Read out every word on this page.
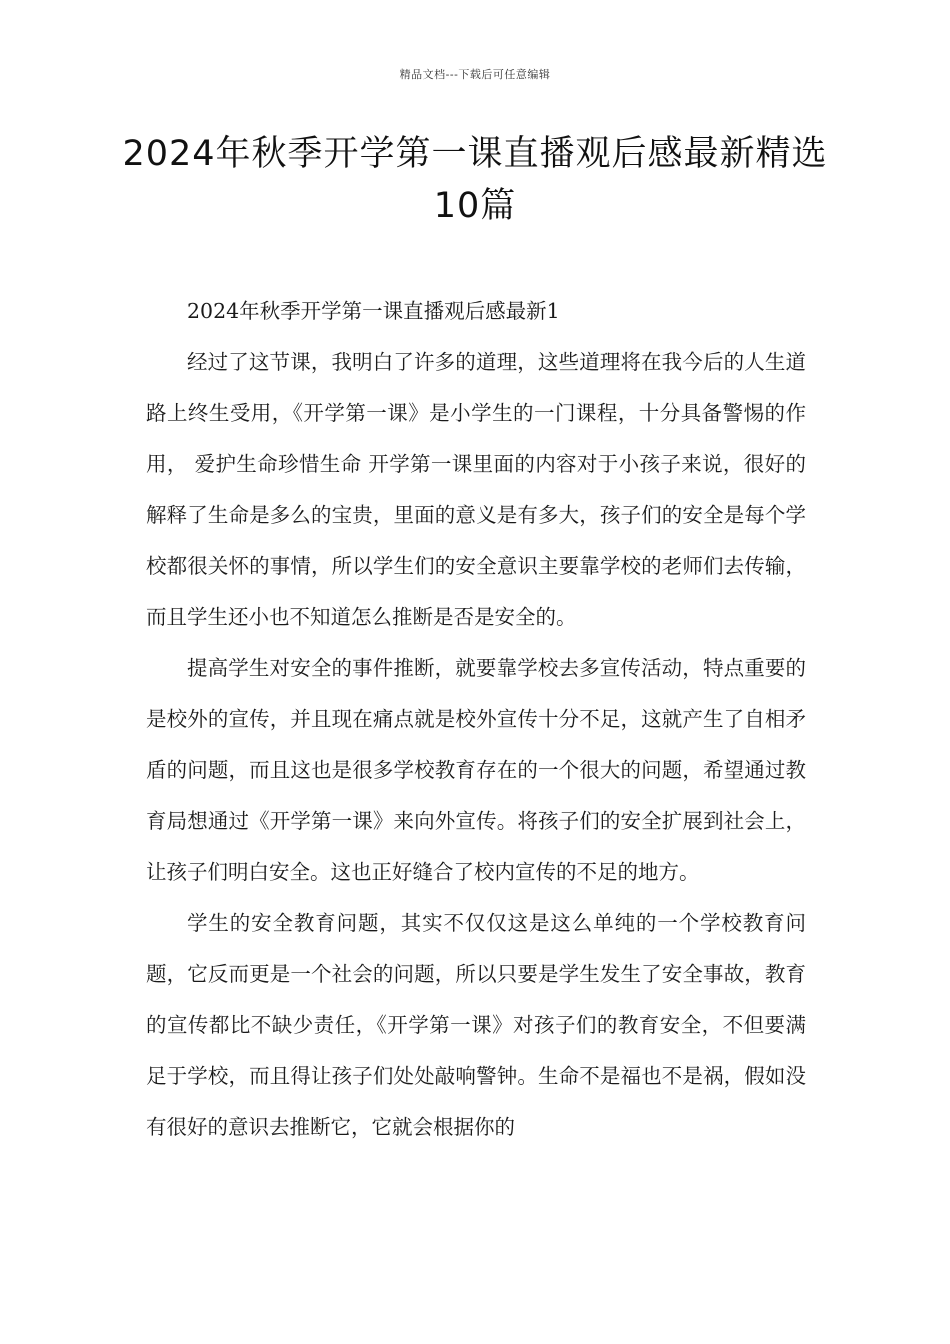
精品文档---下载后可任意编辑
2024年秋季开学第一课直播观后感最新精选10篇
2024年秋季开学第一课直播观后感最新1

经过了这节课，我明白了许多的道理，这些道理将在我今后的人生道路上终生受用，《开学第一课》是小学生的一门课程，十分具备警惕的作用， 爱护生命珍惜生命 开学第一课里面的内容对于小孩子来说，很好的解释了生命是多么的宝贵，里面的意义是有多大，孩子们的安全是每个学校都很关怀的事情，所以学生们的安全意识主要靠学校的老师们去传输，而且学生还小也不知道怎么推断是否是安全的。

提高学生对安全的事件推断，就要靠学校去多宣传活动，特点重要的是校外的宣传，并且现在痛点就是校外宣传十分不足，这就产生了自相矛盾的问题，而且这也是很多学校教育存在的一个很大的问题，希望通过教育局想通过《开学第一课》来向外宣传。将孩子们的安全扩展到社会上，让孩子们明白安全。这也正好缝合了校内宣传的不足的地方。

学生的安全教育问题，其实不仅仅这是这么单纯的一个学校教育问题，它反而更是一个社会的问题，所以只要是学生发生了安全事故，教育的宣传都比不缺少责任，《开学第一课》对孩子们的教育安全，不但要满足于学校，而且得让孩子们处处敲响警钟。生命不是福也不是祸，假如没有很好的意识去推断它，它就会根据你的
